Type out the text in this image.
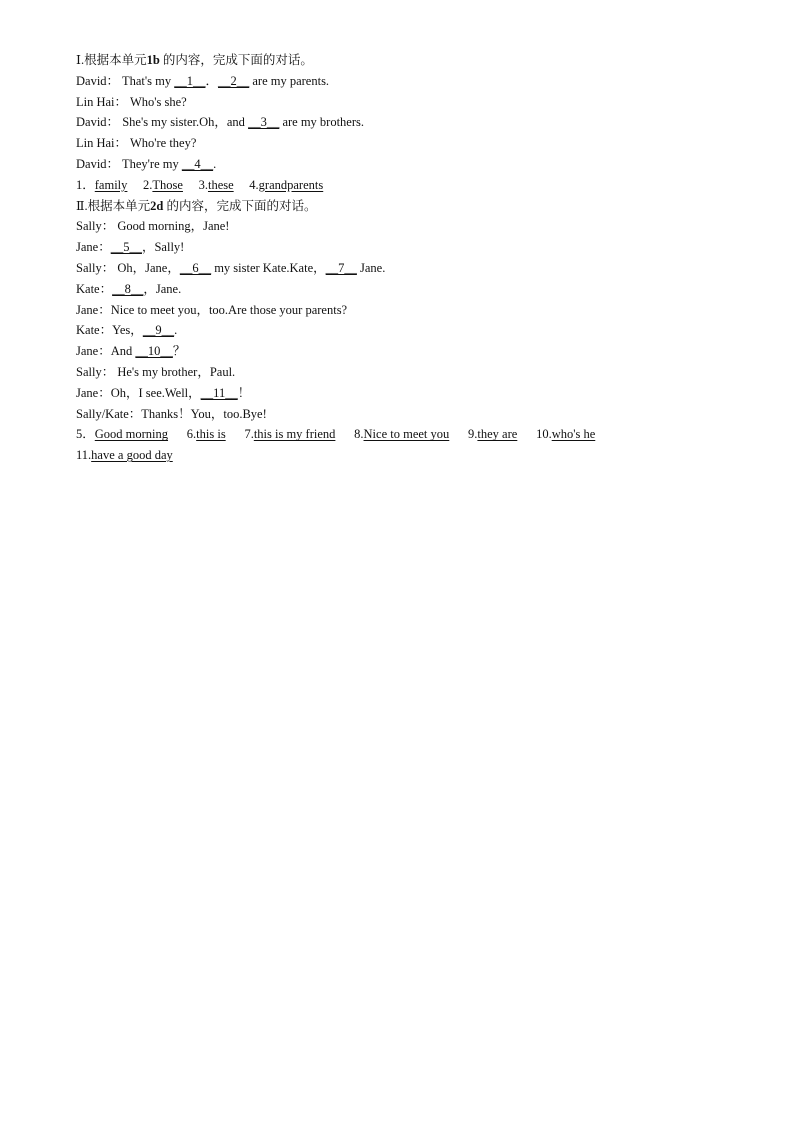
Ⅰ.根据本单元1b 的内容，完成下面的对话。
David： That's my __1__．__2__ are my parents.
Lin Hai： Who's she?
David： She's my sister.Oh，and __3__ are my brothers.
Lin Hai： Who're they?
David： They're my __4__.
1．family 2.Those 3.these 4.grandparents
Ⅱ.根据本单元2d 的内容，完成下面的对话。
Sally： Good morning，Jane!
Jane：__5__，Sally!
Sally： Oh，Jane，__6__ my sister Kate.Kate，__7__ Jane.
Kate：__8__，Jane.
Jane：Nice to meet you，too.Are those your parents?
Kate：Yes，__9__.
Jane：And __10__？
Sally： He's my brother，Paul.
Jane：Oh，I see.Well，__11__！
Sally/Kate：Thanks！You，too.Bye!
5．Good morning 6.this is 7.this is my friend 8.Nice to meet you 9.they are 10.who's he
11.have a good day
